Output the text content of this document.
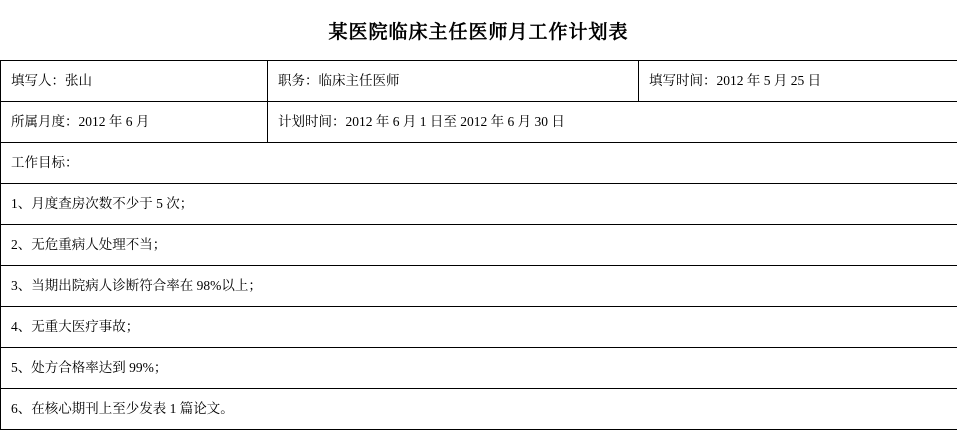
某医院临床主任医师月工作计划表
填写人：张山	职务：临床主任医师	填写时间：2012 年 5 月 25 日
所属月度：2012 年 6 月	计划时间：2012 年 6 月 1 日至 2012 年 6 月 30 日	
工作目标：		
1、月度查房次数不少于 5 次；		
2、无危重病人处理不当；		
3、当期出院病人诊断符合率在 98%以上；		
4、无重大医疗事故；		
5、处方合格率达到 99%；		
6、在核心期刊上至少发表 1 篇论文。		
